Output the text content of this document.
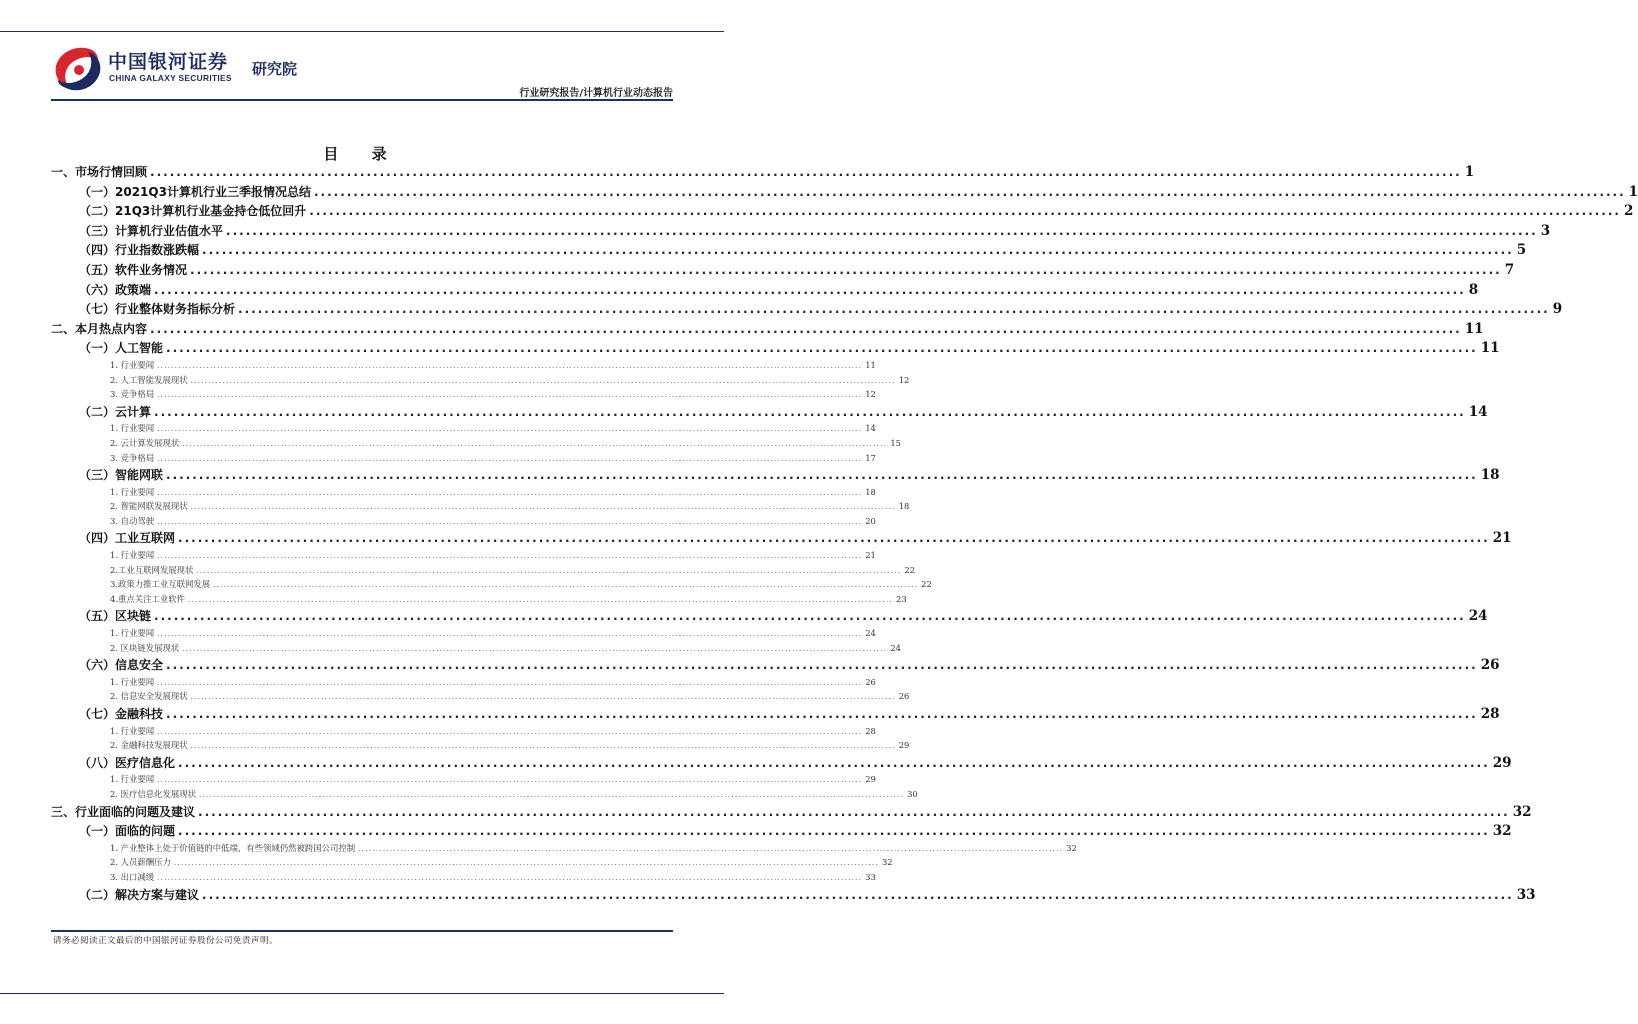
中国银河证券
CHINA GALAXY SECURITIES 研究院
行业研究报告/计算机行业动态报告
目 录
一、市场行情回顾 ........................................................................................................................................................................................................ 1
（一）2021Q3计算机行业三季报情况总结 ........................................................................................................................................................................................................ 1
（二）21Q3计算机行业基金持仓低位回升 ........................................................................................................................................................................................................ 2
（三）计算机行业估值水平 ........................................................................................................................................................................................................ 3
（四）行业指数涨跌幅 ........................................................................................................................................................................................................ 5
（五）软件业务情况 ........................................................................................................................................................................................................ 7
（六）政策端 ........................................................................................................................................................................................................ 8
（七）行业整体财务指标分析 ........................................................................................................................................................................................................ 9
二、本月热点内容 ........................................................................................................................................................................................................ 11
（一）人工智能 ........................................................................................................................................................................................................ 11
1. 行业要闻 ........................................................................................................................................................................................................ 11
2. 人工智能发展现状 ........................................................................................................................................................................................................ 12
3. 竞争格局 ........................................................................................................................................................................................................ 12
（二）云计算 ........................................................................................................................................................................................................ 14
1. 行业要闻 ........................................................................................................................................................................................................ 14
2. 云计算发展现状 ........................................................................................................................................................................................................ 15
3. 竞争格局 ........................................................................................................................................................................................................ 17
（三）智能网联 ........................................................................................................................................................................................................ 18
1. 行业要闻 ........................................................................................................................................................................................................ 18
2. 智能网联发展现状 ........................................................................................................................................................................................................ 18
3. 自动驾驶 ........................................................................................................................................................................................................ 20
（四）工业互联网 ........................................................................................................................................................................................................ 21
1. 行业要闻 ........................................................................................................................................................................................................ 21
2.工业互联网发展现状 ........................................................................................................................................................................................................ 22
3.政策力推工业互联网发展 ........................................................................................................................................................................................................ 22
4.重点关注工业软件 ........................................................................................................................................................................................................ 23
（五）区块链 ........................................................................................................................................................................................................ 24
1. 行业要闻 ........................................................................................................................................................................................................ 24
2. 区块链发展现状 ........................................................................................................................................................................................................ 24
（六）信息安全 ........................................................................................................................................................................................................ 26
1. 行业要闻 ........................................................................................................................................................................................................ 26
2. 信息安全发展现状 ........................................................................................................................................................................................................ 26
（七）金融科技 ........................................................................................................................................................................................................ 28
1. 行业要闻 ........................................................................................................................................................................................................ 28
2. 金融科技发展现状 ........................................................................................................................................................................................................ 29
（八）医疗信息化 ........................................................................................................................................................................................................ 29
1. 行业要闻 ........................................................................................................................................................................................................ 29
2. 医疗信息化发展现状 ........................................................................................................................................................................................................ 30
三、行业面临的问题及建议 ........................................................................................................................................................................................................ 32
（一）面临的问题 ........................................................................................................................................................................................................ 32
1. 产业整体上处于价值链的中低端，有些领域仍然被跨国公司控制 ........................................................................................................................................................................................................ 32
2. 人员薪酬压力 ........................................................................................................................................................................................................ 32
3. 出口减缓 ........................................................................................................................................................................................................ 33
（二）解决方案与建议 ........................................................................................................................................................................................................ 33
请务必阅读正文最后的中国银河证券股份公司免责声明。
